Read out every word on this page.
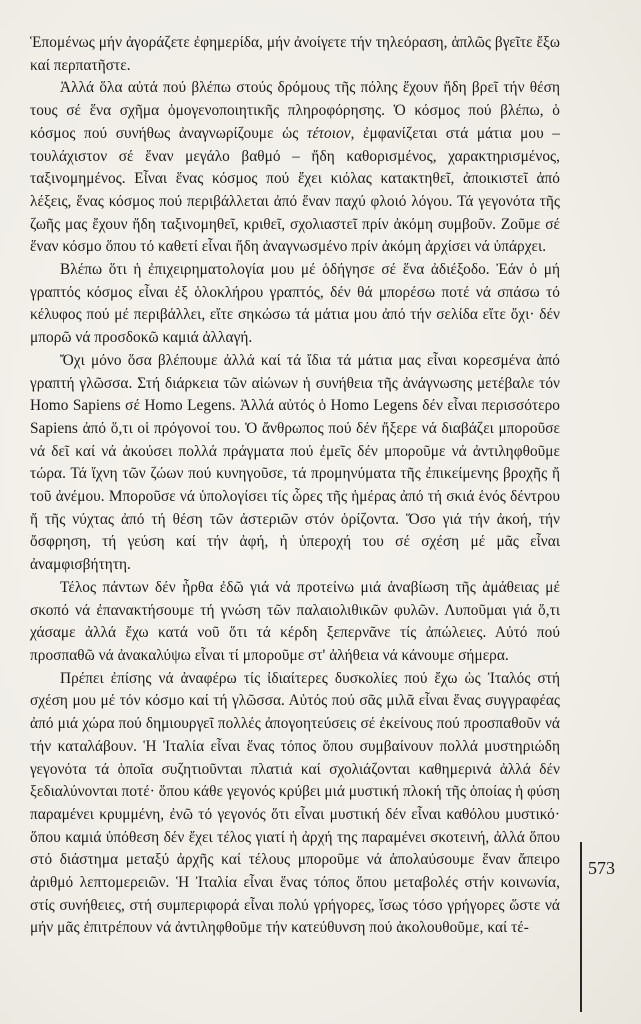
Ἑπομένως μήν ἀγοράζετε ἐφημερίδα, μήν ἀνοίγετε τήν τηλεόραση, ἁπλῶς βγεῖτε ἔξω καί περπατῆστε.

Ἀλλά ὅλα αὐτά πού βλέπω στούς δρόμους τῆς πόλης ἔχουν ἤδη βρεῖ τήν θέση τους σέ ἕνα σχῆμα ὁμογενοποιητικῆς πληροφόρησης. Ὁ κόσμος πού βλέπω, ὁ κόσμος πού συνήθως ἀναγνωρίζουμε ὡς τέτοιον, ἐμφανίζεται στά μάτια μου – τουλάχιστον σέ ἕναν μεγάλο βαθμό – ἤδη καθορισμένος, χαρακτηρισμένος, ταξινομημένος. Εἶναι ἕνας κόσμος πού ἔχει κιόλας κατακτηθεῖ, ἀποικιστεῖ ἀπό λέξεις, ἕνας κόσμος πού περιβάλλεται ἀπό ἕναν παχύ φλοιό λόγου. Τά γεγονότα τῆς ζωῆς μας ἔχουν ἤδη ταξινομηθεῖ, κριθεῖ, σχολιαστεῖ πρίν ἀκόμη συμβοῦν. Ζοῦμε σέ ἕναν κόσμο ὅπου τό καθετί εἶναι ἤδη ἀναγνωσμένο πρίν ἀκόμη ἀρχίσει νά ὑπάρχει.

Βλέπω ὅτι ἡ ἐπιχειρηματολογία μου μέ ὁδήγησε σέ ἕνα ἀδιέξοδο. Ἐάν ὁ μή γραπτός κόσμος εἶναι ἐξ ὁλοκλήρου γραπτός, δέν θά μπορέσω ποτέ νά σπάσω τό κέλυφος πού μέ περιβάλλει, εἴτε σηκώσω τά μάτια μου ἀπό τήν σελίδα εἴτε ὄχι· δέν μπορῶ νά προσδοκῶ καμιά ἀλλαγή.

Ὄχι μόνο ὅσα βλέπουμε ἀλλά καί τά ἴδια τά μάτια μας εἶναι κορεσμένα ἀπό γραπτή γλῶσσα. Στή διάρκεια τῶν αἰώνων ἡ συνήθεια τῆς ἀνάγνωσης μετέβαλε τόν Homo Sapiens σέ Homo Legens. Ἀλλά αὐτός ὁ Homo Legens δέν εἶναι περισσότερο Sapiens ἀπό ὅ,τι οἱ πρόγονοί του. Ὁ ἄνθρωπος πού δέν ἤξερε νά διαβάζει μποροῦσε νά δεῖ καί νά ἀκούσει πολλά πράγματα πού ἐμεῖς δέν μποροῦμε νά ἀντιληφθοῦμε τώρα. Τά ἴχνη τῶν ζώων πού κυνηγοῦσε, τά προμηνύματα τῆς ἐπικείμενης βροχῆς ἤ τοῦ ἀνέμου. Μποροῦσε νά ὑπολογίσει τίς ὧρες τῆς ἡμέρας ἀπό τή σκιά ἑνός δέντρου ἤ τῆς νύχτας ἀπό τή θέση τῶν ἀστεριῶν στόν ὁρίζοντα. Ὅσο γιά τήν ἀκοή, τήν ὄσφρηση, τή γεύση καί τήν ἀφή, ἡ ὑπεροχή του σέ σχέση μέ μᾶς εἶναι ἀναμφισβήτητη.

Τέλος πάντων δέν ἦρθα ἐδῶ γιά νά προτείνω μιά ἀναβίωση τῆς ἀμάθειας μέ σκοπό νά ἐπανακτήσουμε τή γνώση τῶν παλαιολιθικῶν φυλῶν. Λυποῦμαι γιά ὅ,τι χάσαμε ἀλλά ἔχω κατά νοῦ ὅτι τά κέρδη ξεπερνᾶνε τίς ἀπώλειες. Αὐτό πού προσπαθῶ νά ἀνακαλύψω εἶναι τί μποροῦμε στ' ἀλήθεια νά κάνουμε σήμερα.

Πρέπει ἐπίσης νά ἀναφέρω τίς ἰδιαίτερες δυσκολίες πού ἔχω ὡς Ἰταλός στή σχέση μου μέ τόν κόσμο καί τή γλῶσσα. Αὐτός πού σᾶς μιλᾶ εἶναι ἕνας συγγραφέας ἀπό μιά χώρα πού δημιουργεῖ πολλές ἀπογοητεύσεις σέ ἐκείνους πού προσπαθοῦν νά τήν καταλάβουν. Ἡ Ἰταλία εἶναι ἕνας τόπος ὅπου συμβαίνουν πολλά μυστηριώδη γεγονότα τά ὁποῖα συζητιοῦνται πλατιά καί σχολιάζονται καθημερινά ἀλλά δέν ξεδιαλύνονται ποτέ· ὅπου κάθε γεγονός κρύβει μιά μυστική πλοκή τῆς ὁποίας ἡ φύση παραμένει κρυμμένη, ἐνῶ τό γεγονός ὅτι εἶναι μυστική δέν εἶναι καθόλου μυστικό· ὅπου καμιά ὑπόθεση δέν ἔχει τέλος γιατί ἡ ἀρχή της παραμένει σκοτεινή, ἀλλά ὅπου στό διάστημα μεταξύ ἀρχῆς καί τέλους μποροῦμε νά ἀπολαύσουμε ἕναν ἄπειρο ἀριθμό λεπτομερειῶν. Ἡ Ἰταλία εἶναι ἕνας τόπος ὅπου μεταβολές στήν κοινωνία, στίς συνήθειες, στή συμπεριφορά εἶναι πολύ γρήγορες, ἴσως τόσο γρήγορες ὥστε νά μήν μᾶς ἐπιτρέπουν νά ἀντιληφθοῦμε τήν κατεύθυνση πού ἀκολουθοῦμε, καί τέ-

573
